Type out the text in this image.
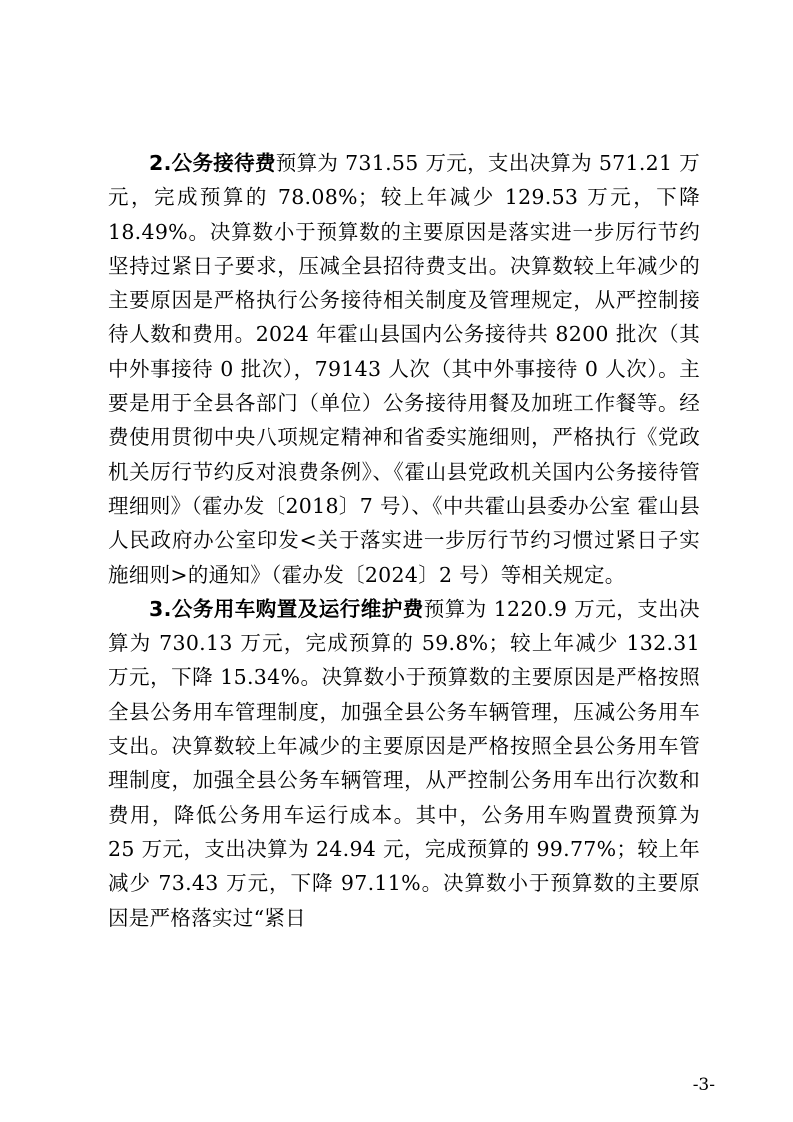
2.公务接待费预算为 731.55 万元，支出决算为 571.21 万元，完成预算的 78.08%；较上年减少 129.53 万元，下降 18.49%。决算数小于预算数的主要原因是落实进一步厉行节约坚持过紧日子要求，压减全县招待费支出。决算数较上年减少的主要原因是严格执行公务接待相关制度及管理规定，从严控制接待人数和费用。2024 年霍山县国内公务接待共 8200 批次（其中外事接待 0 批次），79143 人次（其中外事接待 0 人次）。主要是用于全县各部门（单位）公务接待用餐及加班工作餐等。经费使用贯彻中央八项规定精神和省委实施细则，严格执行《党政机关厉行节约反对浪费条例》、《霍山县党政机关国内公务接待管理细则》（霍办发〔2018〕7 号）、《中共霍山县委办公室 霍山县人民政府办公室印发<关于落实进一步厉行节约习惯过紧日子实施细则>的通知》（霍办发〔2024〕2 号）等相关规定。

3.公务用车购置及运行维护费预算为 1220.9 万元，支出决算为 730.13 万元，完成预算的 59.8%；较上年减少 132.31 万元，下降 15.34%。决算数小于预算数的主要原因是严格按照全县公务用车管理制度，加强全县公务车辆管理，压减公务用车支出。决算数较上年减少的主要原因是严格按照全县公务用车管理制度，加强全县公务车辆管理，从严控制公务用车出行次数和费用，降低公务用车运行成本。其中，公务用车购置费预算为 25 万元，支出决算为 24.94 元，完成预算的 99.77%；较上年减少 73.43 万元，下降 97.11%。决算数小于预算数的主要原因是严格落实过“紧日

-3-
